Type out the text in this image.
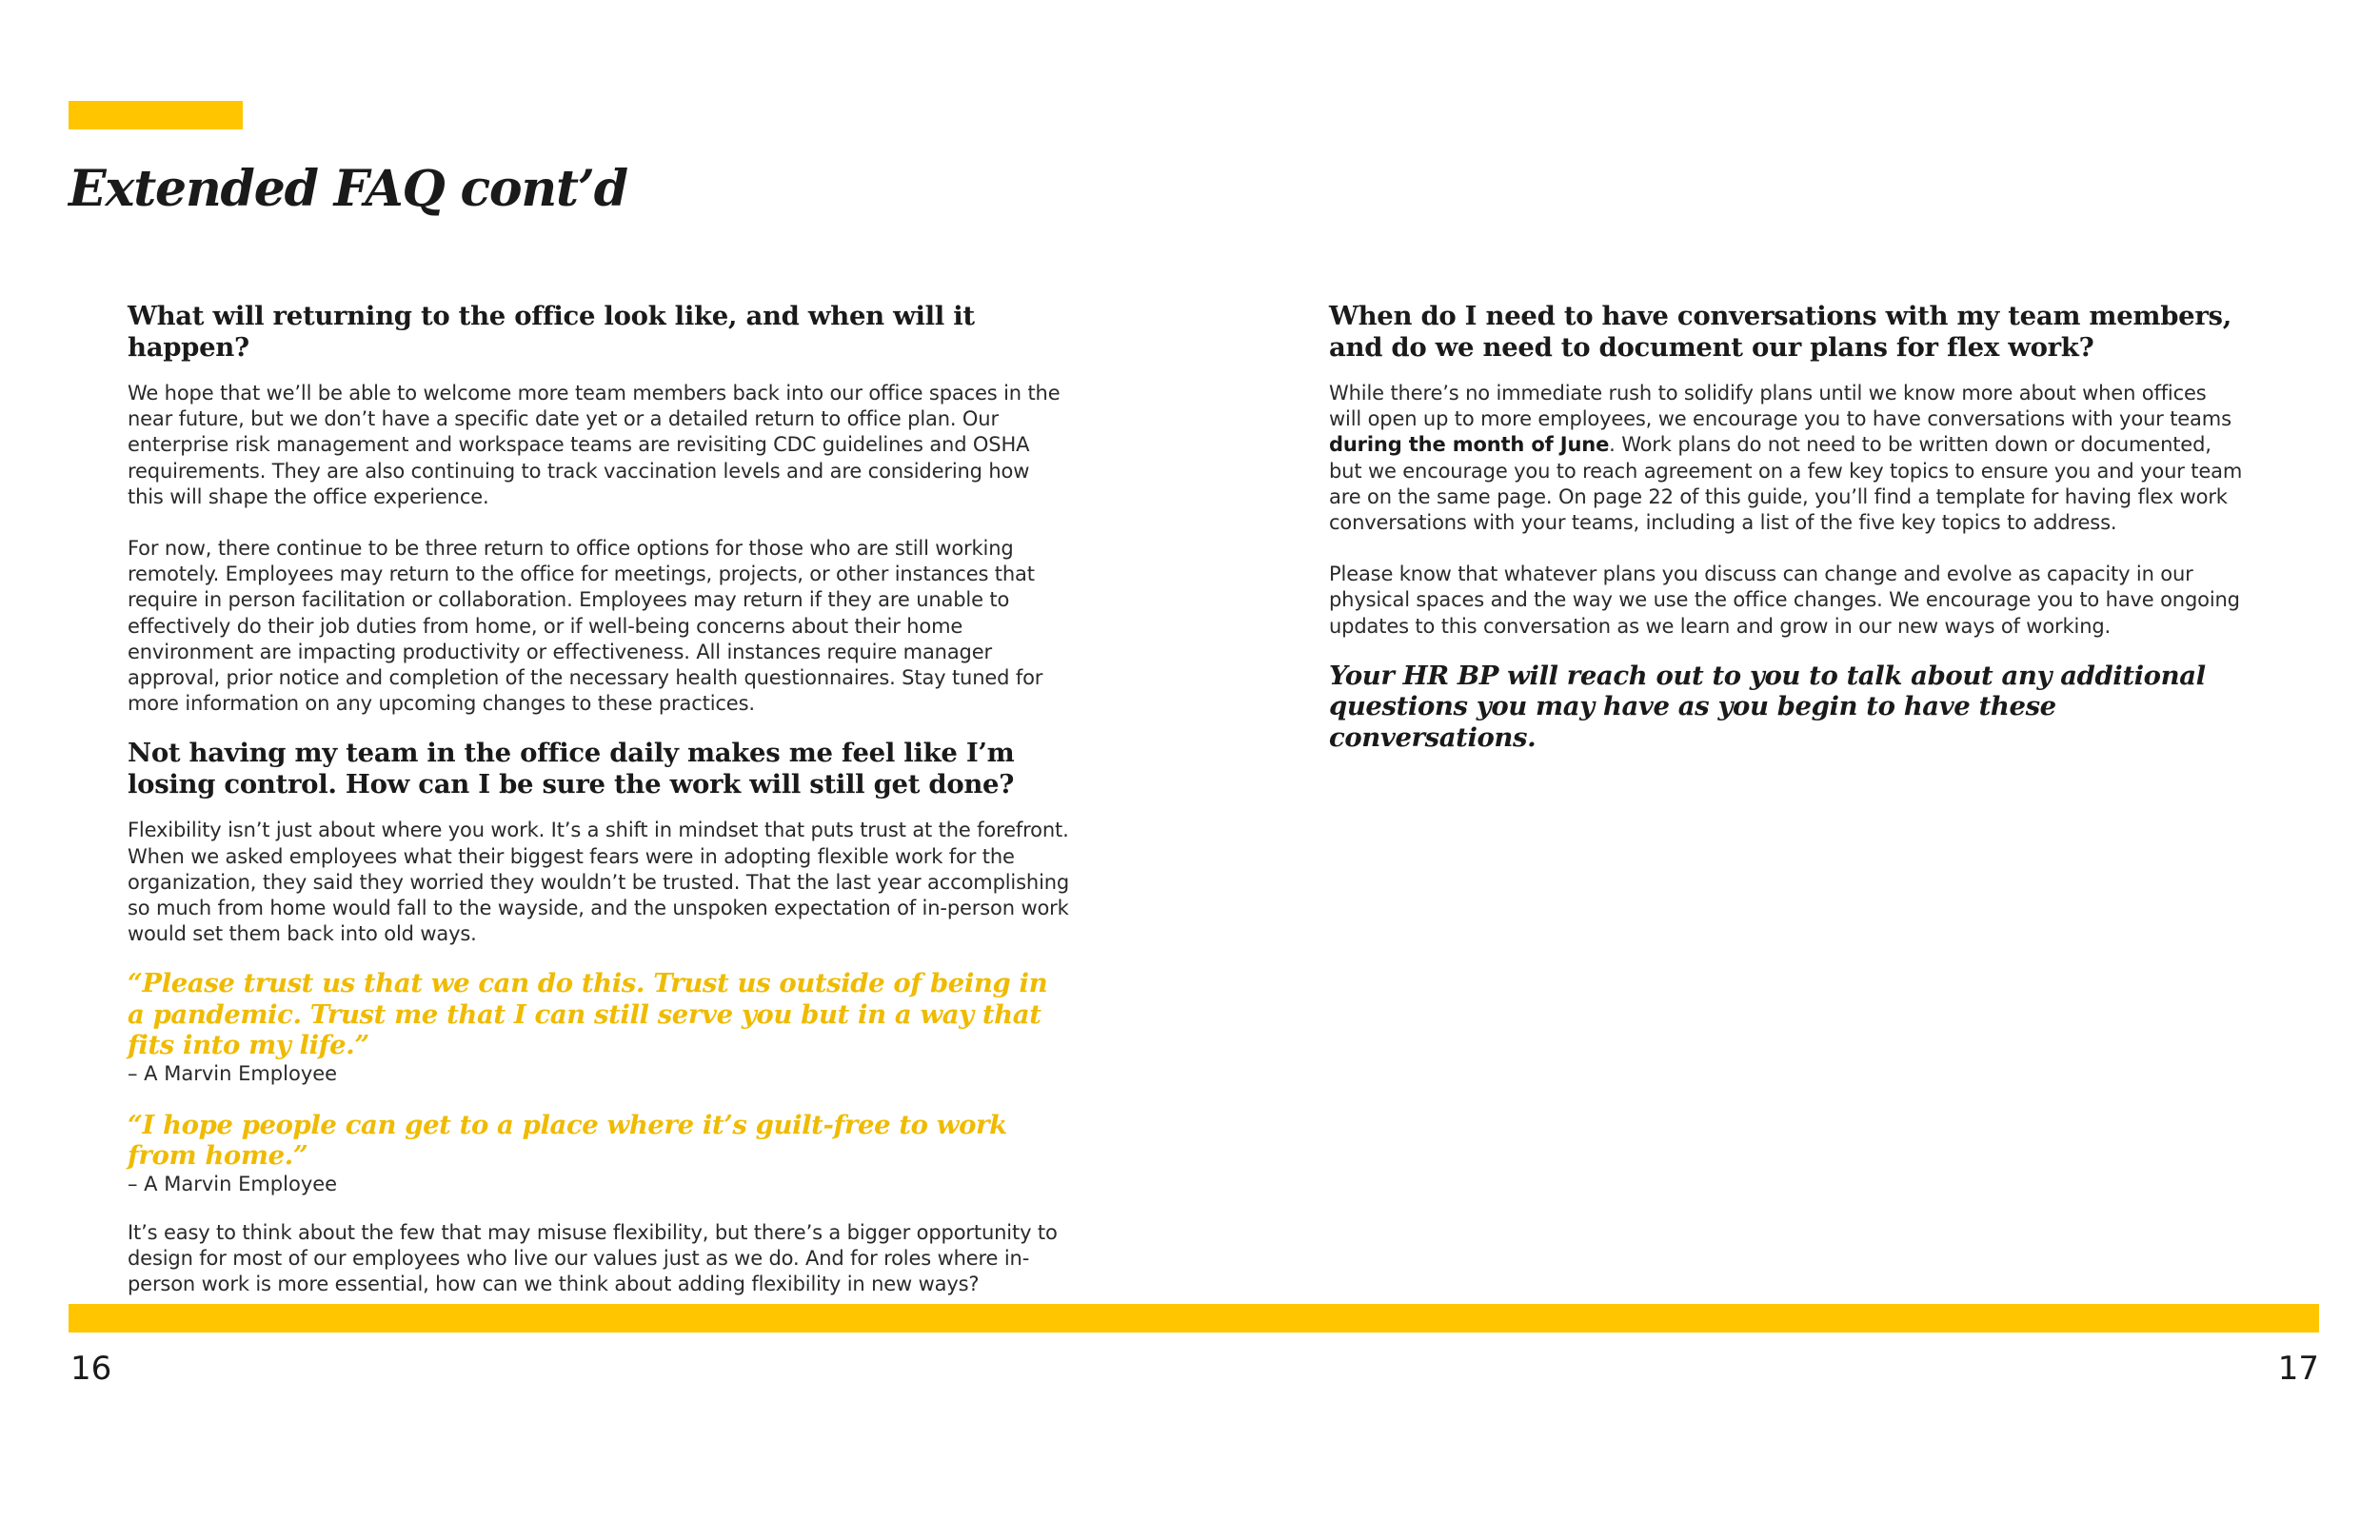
Extended FAQ cont’d
What will returning to the office look like, and when will it happen?

We hope that we’ll be able to welcome more team members back into our office spaces in the near future, but we don’t have a specific date yet or a detailed return to office plan. Our enterprise risk management and workspace teams are revisiting CDC guidelines and OSHA requirements. They are also continuing to track vaccination levels and are considering how this will shape the office experience.

For now, there continue to be three return to office options for those who are still working remotely. Employees may return to the office for meetings, projects, or other instances that require in person facilitation or collaboration. Employees may return if they are unable to effectively do their job duties from home, or if well-being concerns about their home environment are impacting productivity or effectiveness. All instances require manager approval, prior notice and completion of the necessary health questionnaires. Stay tuned for more information on any upcoming changes to these practices.

Not having my team in the office daily makes me feel like I’m losing control. How can I be sure the work will still get done?

Flexibility isn’t just about where you work. It’s a shift in mindset that puts trust at the forefront. When we asked employees what their biggest fears were in adopting flexible work for the organization, they said they worried they wouldn’t be trusted. That the last year accomplishing so much from home would fall to the wayside, and the unspoken expectation of in-person work would set them back into old ways.

“Please trust us that we can do this. Trust us outside of being in a pandemic. Trust me that I can still serve you but in a way that fits into my life.”

– A Marvin Employee

“I hope people can get to a place where it’s guilt-free to work from home.”

– A Marvin Employee

It’s easy to think about the few that may misuse flexibility, but there’s a bigger opportunity to design for most of our employees who live our values just as we do. And for roles where in-person work is more essential, how can we think about adding flexibility in new ways?

When do I need to have conversations with my team members, and do we need to document our plans for flex work?

While there’s no immediate rush to solidify plans until we know more about when offices will open up to more employees, we encourage you to have conversations with your teams during the month of June. Work plans do not need to be written down or documented, but we encourage you to reach agreement on a few key topics to ensure you and your team are on the same page. On page 22 of this guide, you’ll find a template for having flex work conversations with your teams, including a list of the five key topics to address.

Please know that whatever plans you discuss can change and evolve as capacity in our physical spaces and the way we use the office changes. We encourage you to have ongoing updates to this conversation as we learn and grow in our new ways of working.

Your HR BP will reach out to you to talk about any additional questions you may have as you begin to have these conversations.

16	17
